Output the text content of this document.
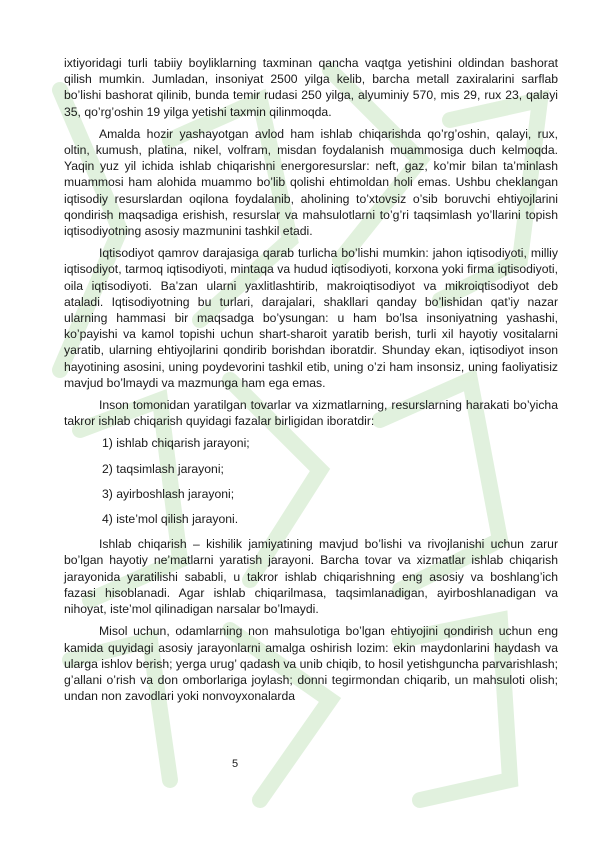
ixtiyoridagi turli tabiiy boyliklarning taxminan qancha vaqtga yetishini oldindan bashorat qilish mumkin. Jumladan, insoniyat 2500 yilga kelib, barcha metall zaxiralarini sarflab bo’lishi bashorat qilinib, bunda temir rudasi 250 yilga, alyuminiy 570, mis 29, rux 23, qalayi 35, qo’rg’oshin 19 yilga yetishi taxmin qilinmoqda.

Amalda hozir yashayotgan avlod ham ishlab chiqarishda qo’rg’oshin, qalayi, rux, oltin, kumush, platina, nikel, volfram, misdan foydalanish muammosiga duch kelmoqda. Yaqin yuz yil ichida ishlab chiqarishni energoresurslar: neft, gaz, ko’mir bilan ta’minlash muammosi ham alohida muammo bo’lib qolishi ehtimoldan holi emas. Ushbu cheklangan iqtisodiy resurslardan oqilona foydalanib, aholining to’xtovsiz o’sib boruvchi ehtiyojlarini qondirish maqsadiga erishish, resurslar va mahsulotlarni to’g’ri taqsimlash yo’llarini topish iqtisodiyotning asosiy mazmunini tashkil etadi.

Iqtisodiyot qamrov darajasiga qarab turlicha bo’lishi mumkin: jahon iqtisodiyoti, milliy iqtisodiyot, tarmoq iqtisodiyoti, mintaqa va hudud iqtisodiyoti, korxona yoki firma iqtisodiyoti, oila iqtisodiyoti. Ba’zan ularni yaxlitlashtirib, makroiqtisodiyot va mikroiqtisodiyot deb ataladi. Iqtisodiyotning bu turlari, darajalari, shakllari qanday bo’lishidan qat’iy nazar ularning hammasi bir maqsadga bo’ysungan: u ham bo’lsa insoniyatning yashashi, ko’payishi va kamol topishi uchun shart-sharoit yaratib berish, turli xil hayotiy vositalarni yaratib, ularning ehtiyojlarini qondirib borishdan iboratdir. Shunday ekan, iqtisodiyot inson hayotining asosini, uning poydevorini tashkil etib, uning o’zi ham insonsiz, uning faoliyatisiz mavjud bo’lmaydi va mazmunga ham ega emas.

Inson tomonidan yaratilgan tovarlar va xizmatlarning, resurslarning harakati bo’yicha takror ishlab chiqarish quyidagi fazalar birligidan iboratdir:

1) ishlab chiqarish jarayoni;

2) taqsimlash jarayoni;

3) ayirboshlash jarayoni;

4) iste’mol qilish jarayoni.

Ishlab chiqarish – kishilik jamiyatining mavjud bo’lishi va rivojlanishi uchun zarur bo’lgan hayotiy ne’matlarni yaratish jarayoni. Barcha tovar va xizmatlar ishlab chiqarish jarayonida yaratilishi sababli, u takror ishlab chiqarishning eng asosiy va boshlang’ich fazasi hisoblanadi. Agar ishlab chiqarilmasa, taqsimlanadigan, ayirboshlanadigan va nihoyat, iste’mol qilinadigan narsalar bo’lmaydi.

Misol uchun, odamlarning non mahsulotiga bo’lgan ehtiyojini qondirish uchun eng kamida quyidagi asosiy jarayonlarni amalga oshirish lozim: ekin maydonlarini haydash va ularga ishlov berish; yerga urug’ qadash va unib chiqib, to hosil yetishguncha parvarishlash; g’allani o’rish va don omborlariga joylash; donni tegirmondan chiqarib, un mahsuloti olish; undan non zavodlari yoki nonvoyxonalarda

5
